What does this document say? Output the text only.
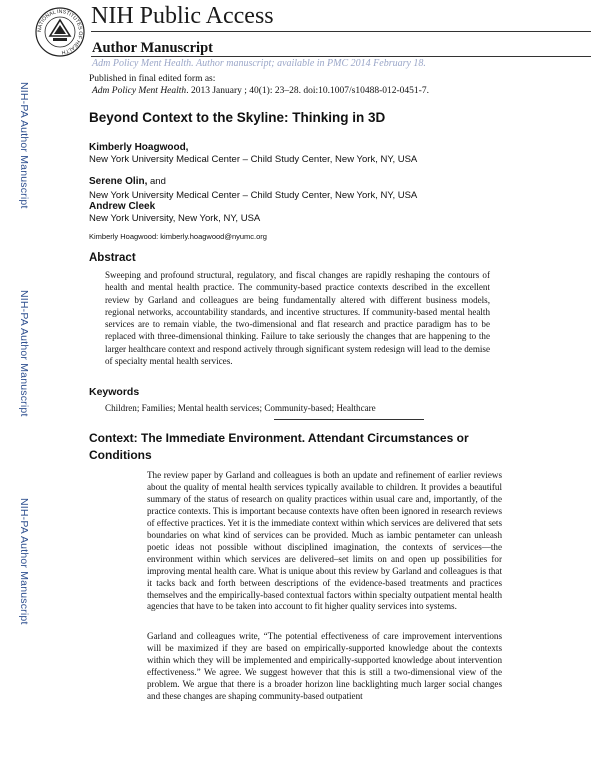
NATIONAL INSTITUTES OF HEALTH
NIH Public Access
Author Manuscript
Adm Policy Ment Health. Author manuscript; available in PMC 2014 February 18.
Published in final edited form as:
Adm Policy Ment Health. 2013 January ; 40(1): 23–28. doi:10.1007/s10488-012-0451-7.
NIH-PA Author Manuscript
NIH-PA Author Manuscript
NIH-PA Author Manuscript
Beyond Context to the Skyline: Thinking in 3D
Kimberly Hoagwood,
New York University Medical Center – Child Study Center, New York, NY, USA
Serene Olin, and
New York University Medical Center – Child Study Center, New York, NY, USA
Andrew Cleek
New York University, New York, NY, USA
Kimberly Hoagwood: kimberly.hoagwood@nyumc.org
Abstract
Sweeping and profound structural, regulatory, and fiscal changes are rapidly reshaping the contours of health and mental health practice. The community-based practice contexts described in the excellent review by Garland and colleagues are being fundamentally altered with different business models, regional networks, accountability standards, and incentive structures. If community-based mental health services are to remain viable, the two-dimensional and flat research and practice paradigm has to be replaced with three-dimensional thinking. Failure to take seriously the changes that are happening to the larger healthcare context and respond actively through significant system redesign will lead to the demise of specialty mental health services.
Keywords
Children; Families; Mental health services; Community-based; Healthcare
Context: The Immediate Environment. Attendant Circumstances or Conditions
The review paper by Garland and colleagues is both an update and refinement of earlier reviews about the quality of mental health services typically available to children. It provides a beautiful summary of the status of research on quality practices within usual care and, importantly, of the practice contexts. This is important because contexts have often been ignored in research reviews of effective practices. Yet it is the immediate context within which services are delivered that sets boundaries on what kind of services can be provided. Much as iambic pentameter can unleash poetic ideas not possible without disciplined imagination, the contexts of services—the environment within which services are delivered–set limits on and open up possibilities for improving mental health care. What is unique about this review by Garland and colleagues is that it tacks back and forth between descriptions of the evidence-based treatments and practices themselves and the empirically-based contextual factors within specialty outpatient mental health agencies that have to be taken into account to fit higher quality services into systems.
Garland and colleagues write, “The potential effectiveness of care improvement interventions will be maximized if they are based on empirically-supported knowledge about the contexts within which they will be implemented and empirically-supported knowledge about intervention effectiveness.” We agree. We suggest however that this is still a two-dimensional view of the problem. We argue that there is a broader horizon line backlighting much larger social changes and these changes are shaping community-based outpatient
